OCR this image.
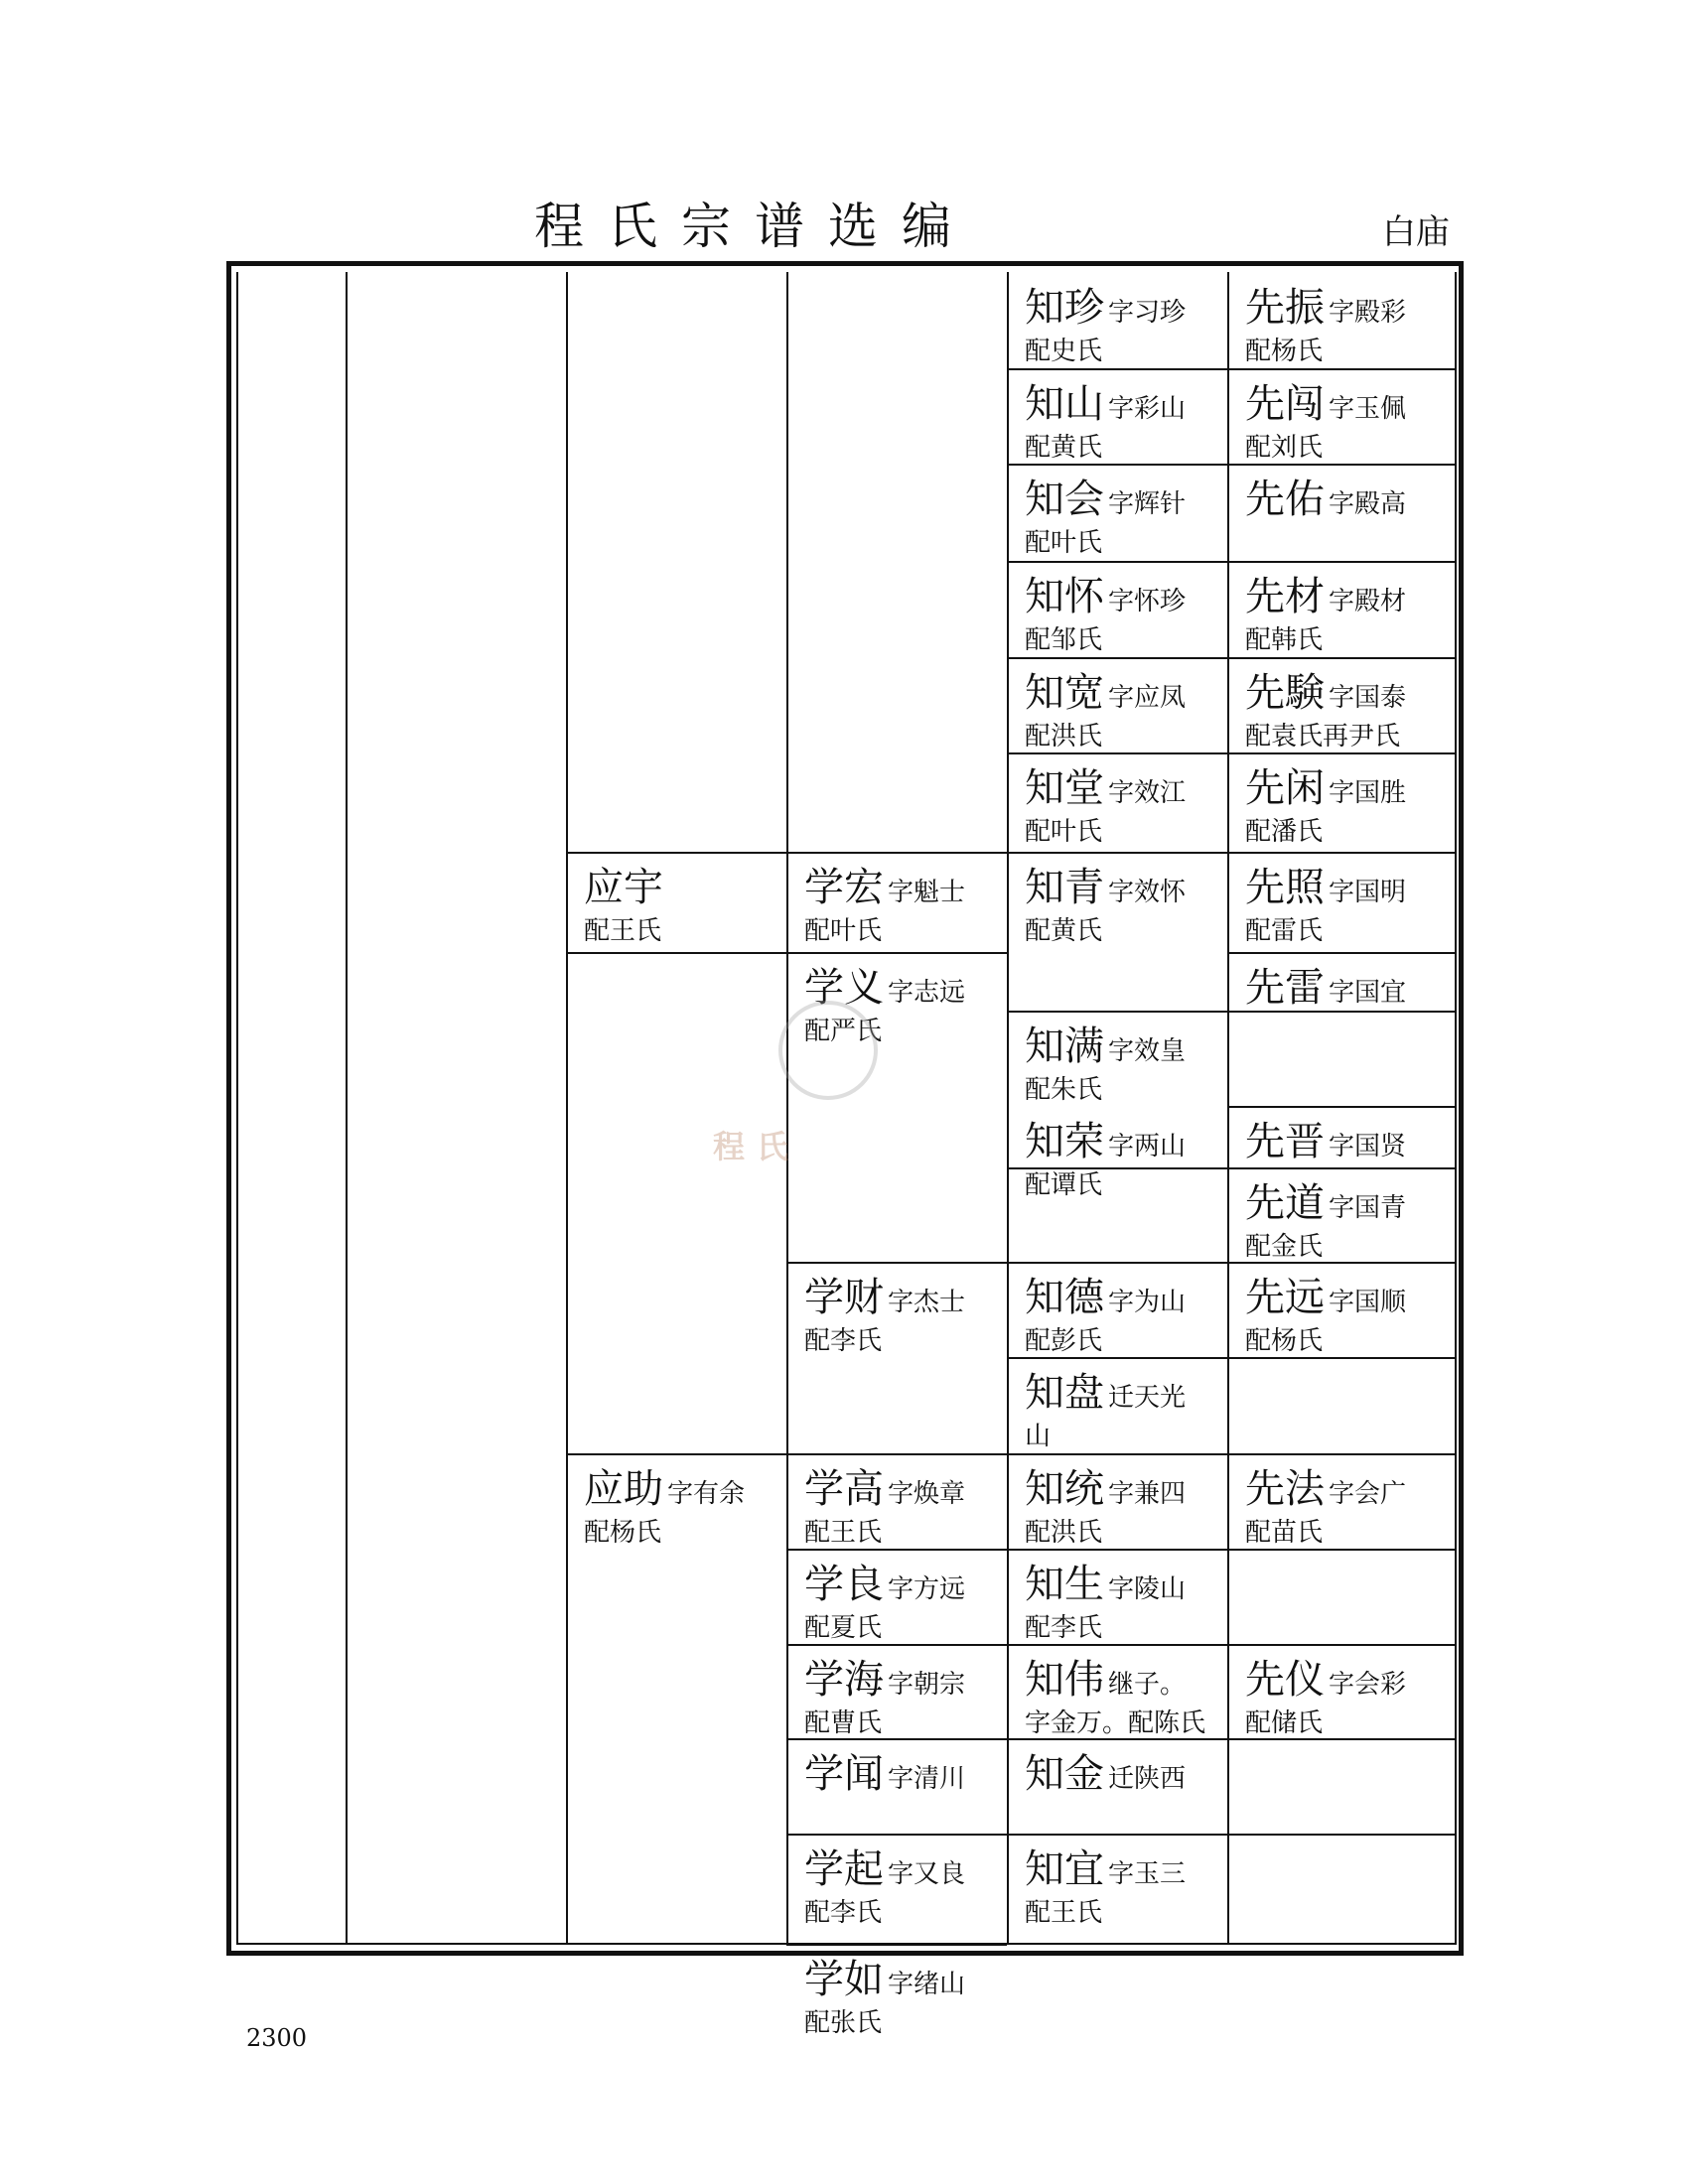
程氏宗谱选编	白庙
应宇
配王氏
应助 字有余
配杨氏
学宏 字魁士
配叶氏
学义 字志远
配严氏
学财 字杰士
配李氏
学高 字焕章
配王氏
学良 字方远
配夏氏
学海 字朝宗
配曹氏
学闻 字清川
学起 字又良
配李氏
学如 字绪山
配张氏
知珍 字习珍
配史氏
知山 字彩山
配黄氏
知会 字辉针
配叶氏
知怀 字怀珍
配邹氏
知宽 字应凤
配洪氏
知堂 字效江
配叶氏
知青 字效怀
配黄氏
知满 字效皇
配朱氏
知荣 字两山
配谭氏
知德 字为山
配彭氏
知盘 迁天光
山
知统 字兼四
配洪氏
知生 字陵山
配李氏
知伟 继子。
字金万。配陈氏
知金 迁陕西
知宜 字玉三
配王氏
先振 字殿彩
配杨氏
先闯 字玉佩
配刘氏
先佑 字殿高
先材 字殿材
配韩氏
先験 字国泰
配袁氏再尹氏
先闲 字国胜
配潘氏
先照 字国明
配雷氏
先雷 字国宜
先晋 字国贤
先道 字国青
配金氏
先远 字国顺
配杨氏
先法 字会广
配苗氏
先仪 字会彩
配储氏
程氏
2300
